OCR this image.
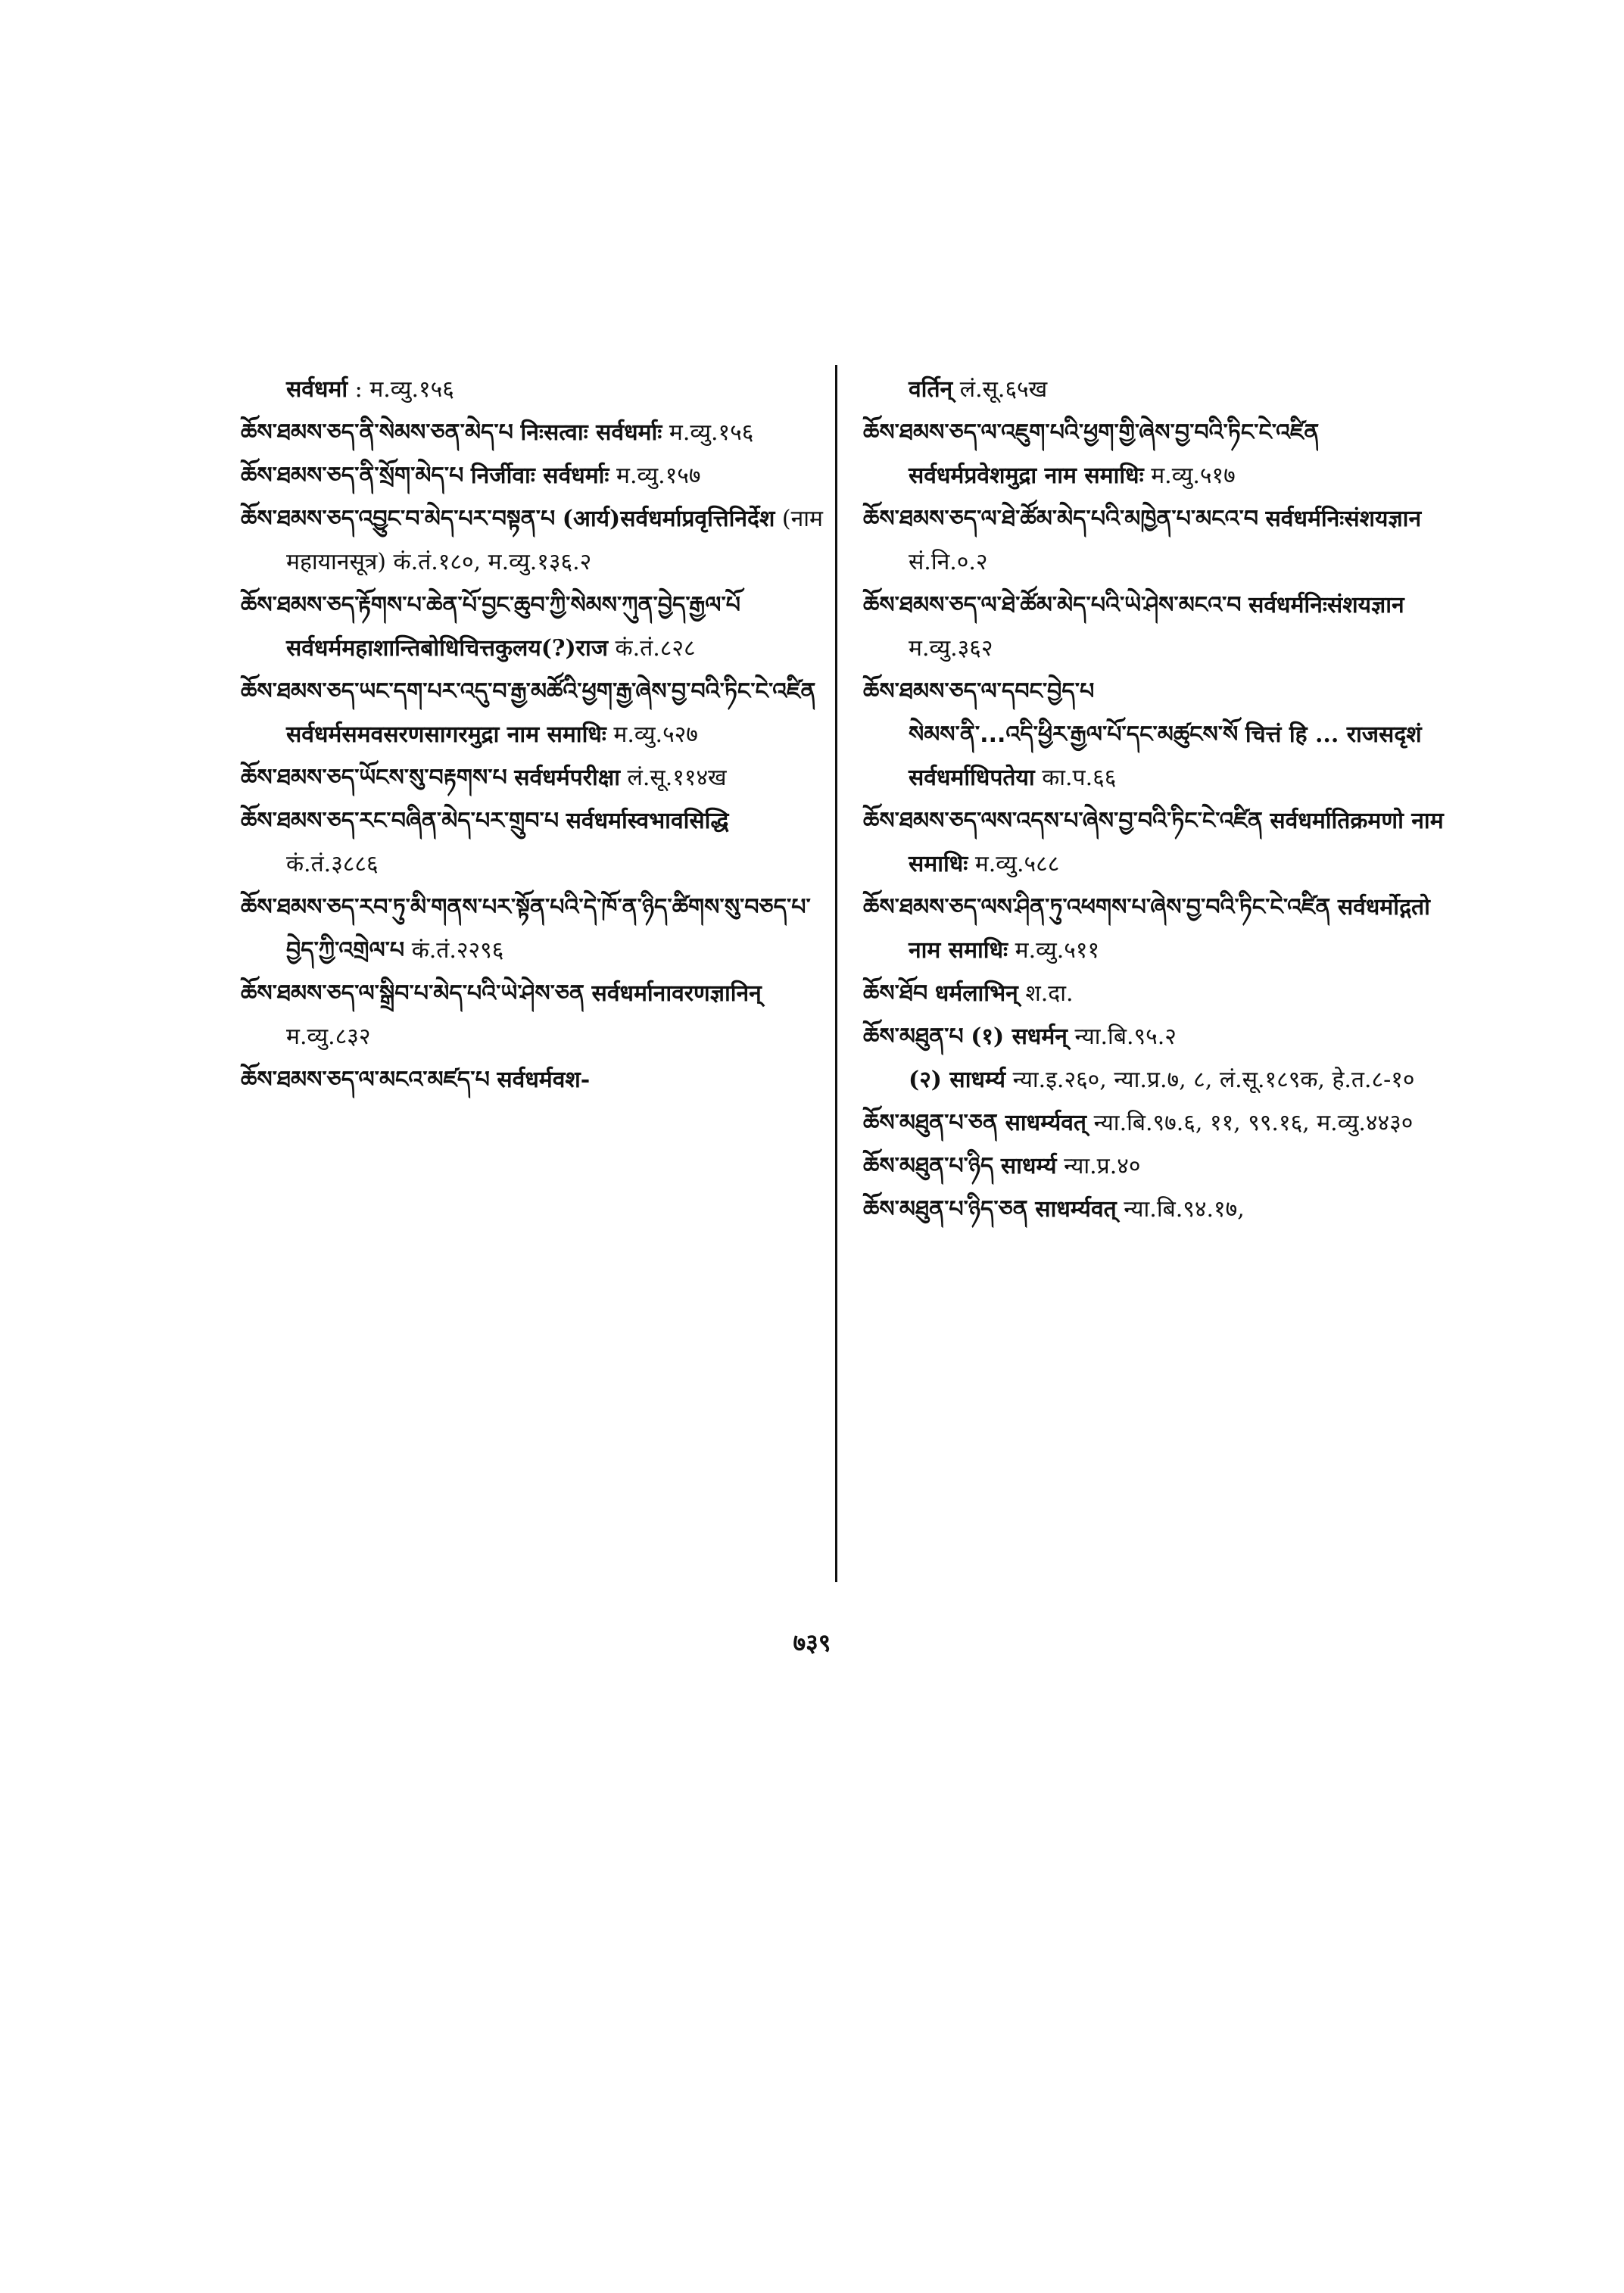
सर्वधर्मा : म.व्यु.१५६

ཆོས་ཐམས་ཅད་ནི་སེམས་ཅན་མེད་པ निःसत्वाः सर्वधर्माः म.व्यु.१५६

ཆོས་ཐམས་ཅད་ནི་སྲོག་མེད་པ निर्जीवाः सर्वधर्माः म.व्यु.१५७

ཆོས་ཐམས་ཅད་འབྱུང་བ་མེད་པར་བསྟན་པ (आर्य)सर्वधर्माप्रवृत्तिनिर्देश (नाम महायानसूत्र) कं.तं.१८०, म.व्यु.१३६.२

ཆོས་ཐམས་ཅད་རྟོགས་པ་ཆེན་པོ་བྱང་ཆུབ་ཀྱི་སེམས་ཀུན་བྱེད་རྒྱལ་པོ सर्वधर्ममहाशान्तिबोधिचित्तकुलय(?)राज कं.तं.८२८

ཆོས་ཐམས་ཅད་ཡང་དག་པར་འདུ་བ་རྒྱ་མཚོའི་ཕྱག་རྒྱ་ཞེས་བྱ་བའི་ཏིང་ངེ་འཛིན सर्वधर्मसमवसरणसागरमुद्रा नाम समाधिः म.व्यु.५२७

ཆོས་ཐམས་ཅད་ཡོངས་སུ་བརྟགས་པ सर्वधर्मपरीक्षा लं.सू.११४ख

ཆོས་ཐམས་ཅད་རང་བཞིན་མེད་པར་གྲུབ་པ सर्वधर्मास्वभावसिद्धि कं.तं.३८८६

ཆོས་ཐམས་ཅད་རབ་ཏུ་མི་གནས་པར་སྟོན་པའི་དེ་ཁོ་ན་ཉིད་ཚིགས་སུ་བཅད་པ་བྱེད་ཀྱི་འགྲེལ་པ कं.तं.२२९६

ཆོས་ཐམས་ཅད་ལ་སྒྲིབ་པ་མེད་པའི་ཡེ་ཤེས་ཅན सर्वधर्मानावरणज्ञानिन् म.व्यु.८३२

ཆོས་ཐམས་ཅད་ལ་མངའ་མཛད་པ सर्वधर्मवश-

वर्तिन् लं.सू.६५ख

ཆོས་ཐམས་ཅད་ལ་འཇུག་པའི་ཕྱག་གྱི་ཞེས་བྱ་བའི་ཏིང་ངེ་འཛིན सर्वधर्मप्रवेशमुद्रा नाम समाधिः म.व्यु.५१७

ཆོས་ཐམས་ཅད་ལ་ཐེ་ཚོམ་མེད་པའི་མཁྱེན་པ་མངའ་བ सर्वधर्मनिःसंशयज्ञान सं.नि.०.२

ཆོས་ཐམས་ཅད་ལ་ཐེ་ཚོམ་མེད་པའི་ཡེ་ཤེས་མངའ་བ सर्वधर्मनिःसंशयज्ञान म.व्यु.३६२

ཆོས་ཐམས་ཅད་ལ་དབང་བྱེད་པ

སེམས་ནི་...འདི་ཕྱིར་རྒྱལ་པོ་དང་མཚུངས་སོ चित्तं हि ... राजसदृशं सर्वधर्माधिपतेया का.प.६६

ཆོས་ཐམས་ཅད་ལས་འདས་པ་ཞེས་བྱ་བའི་ཏིང་ངེ་འཛིན सर्वधर्मातिक्रमणो नाम समाधिः म.व्यु.५८८

ཆོས་ཐམས་ཅད་ལས་ཤིན་ཏུ་འཕགས་པ་ཞེས་བྱ་བའི་ཏིང་ངེ་འཛིན सर्वधर्मोद्गतो नाम समाधिः म.व्यु.५११

ཆོས་ཐོབ धर्मलाभिन् श.दा.

ཆོས་མཐུན་པ (१) सधर्मन् न्या.बि.९५.२

(२) साधर्म्य न्या.इ.२६०, न्या.प्र.७, ८, लं.सू.१८९क, हे.त.८-१०

ཆོས་མཐུན་པ་ཅན साधर्म्यवत् न्या.बि.९७.६, ११, ९९.१६, म.व्यु.४४३०

ཆོས་མཐུན་པ་ཉིད साधर्म्य न्या.प्र.४०

ཆོས་མཐུན་པ་ཉིད་ཅན साधर्म्यवत् न्या.बि.९४.१७,

७३९
